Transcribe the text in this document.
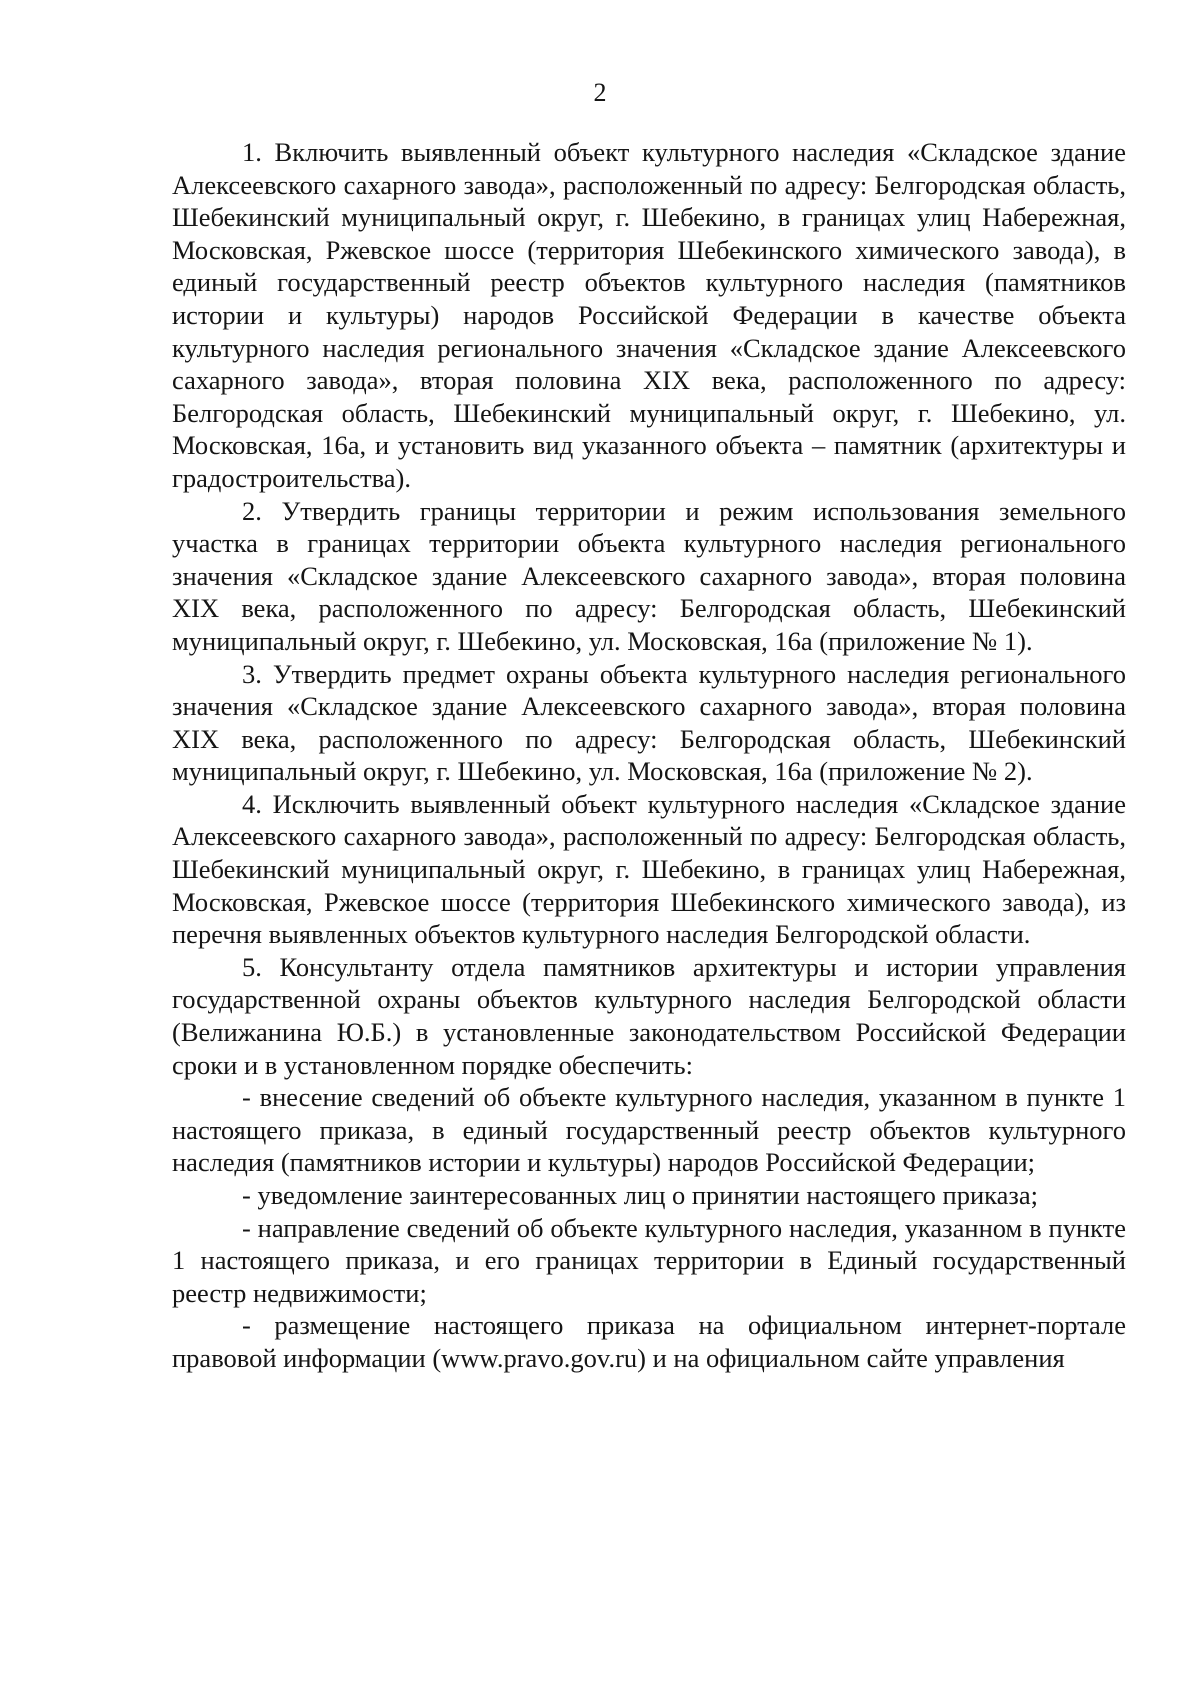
2

1. Включить выявленный объект культурного наследия «Складское здание Алексеевского сахарного завода», расположенный по адресу: Белгородская область, Шебекинский муниципальный округ, г. Шебекино, в границах улиц Набережная, Московская, Ржевское шоссе (территория Шебекинского химического завода), в единый государственный реестр объектов культурного наследия (памятников истории и культуры) народов Российской Федерации в качестве объекта культурного наследия регионального значения «Складское здание Алексеевского сахарного завода», вторая половина XIX века, расположенного по адресу: Белгородская область, Шебекинский муниципальный округ, г. Шебекино, ул. Московская, 16а, и установить вид указанного объекта – памятник (архитектуры и градостроительства).

2. Утвердить границы территории и режим использования земельного участка в границах территории объекта культурного наследия регионального значения «Складское здание Алексеевского сахарного завода», вторая половина XIX века, расположенного по адресу: Белгородская область, Шебекинский муниципальный округ, г. Шебекино, ул. Московская, 16а (приложение № 1).

3. Утвердить предмет охраны объекта культурного наследия регионального значения «Складское здание Алексеевского сахарного завода», вторая половина XIX века, расположенного по адресу: Белгородская область, Шебекинский муниципальный округ, г. Шебекино, ул. Московская, 16а (приложение № 2).

4. Исключить выявленный объект культурного наследия «Складское здание Алексеевского сахарного завода», расположенный по адресу: Белгородская область, Шебекинский муниципальный округ, г. Шебекино, в границах улиц Набережная, Московская, Ржевское шоссе (территория Шебекинского химического завода), из перечня выявленных объектов культурного наследия Белгородской области.

5. Консультанту отдела памятников архитектуры и истории управления государственной охраны объектов культурного наследия Белгородской области (Велижанина Ю.Б.) в установленные законодательством Российской Федерации сроки и в установленном порядке обеспечить:

- внесение сведений об объекте культурного наследия, указанном в пункте 1 настоящего приказа, в единый государственный реестр объектов культурного наследия (памятников истории и культуры) народов Российской Федерации;

- уведомление заинтересованных лиц о принятии настоящего приказа;

- направление сведений об объекте культурного наследия, указанном в пункте 1 настоящего приказа, и его границах территории в Единый государственный реестр недвижимости;

- размещение настоящего приказа на официальном интернет-портале правовой информации (www.pravo.gov.ru) и на официальном сайте управления
